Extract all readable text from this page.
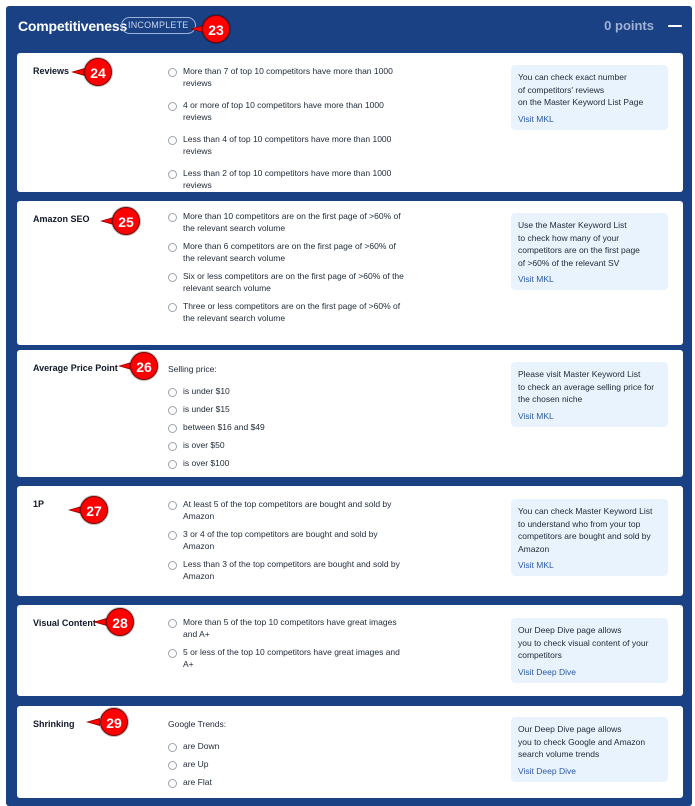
Competitiveness INCOMPLETE	0 points
Reviews	More than 7 of top 10 competitors have more than 1000 reviews
4 or more of top 10 competitors have more than 1000 reviews
Less than 4 of top 10 competitors have more than 1000 reviews
Less than 2 of top 10 competitors have more than 1000 reviews
You can check exact number
of competitors' reviews
on the Master Keyword List Page
Visit MKL
Amazon SEO	More than 10 competitors are on the first page of >60% of the relevant search volume
More than 6 competitors are on the first page of >60% of the relevant search volume
Six or less competitors are on the first page of >60% of the relevant search volume
Three or less competitors are on the first page of >60% of the relevant search volume
Use the Master Keyword List
to check how many of your
competitors are on the first page
of >60% of the relevant SV
Visit MKL
Average Price Point	Selling price:
is under $10
is under $15
between $16 and $49
is over $50
is over $100
Please visit Master Keyword List
to check an average selling price for
the chosen niche
Visit MKL
1P	At least 5 of the top competitors are bought and sold by Amazon
3 or 4 of the top competitors are bought and sold by Amazon
Less than 3 of the top competitors are bought and sold by Amazon
You can check Master Keyword List
to understand who from your top
competitors are bought and sold by
Amazon
Visit MKL
Visual Content	More than 5 of the top 10 competitors have great images and A+
5 or less of the top 10 competitors have great images and A+
Our Deep Dive page allows
you to check visual content of your
competitors
Visit Deep Dive
Shrinking	Google Trends:
are Down
are Up
are Flat
Our Deep Dive page allows
you to check Google and Amazon
search volume trends
Visit Deep Dive
23
24
25
26
27
28
29
